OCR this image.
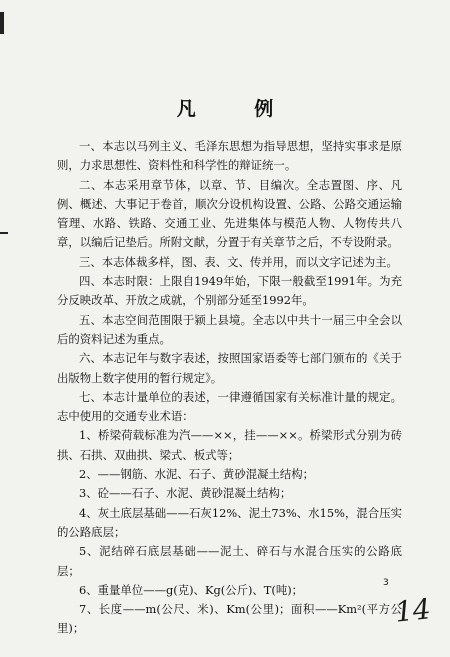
凡 例

一、本志以马列主义、毛泽东思想为指导思想，坚持实事求是原则，力求思想性、资料性和科学性的辩证统一。

二、本志采用章节体，以章、节、目编次。全志置图、序、凡例、概述、大事记于卷首，顺次分设机构设置、公路、公路交通运输管理、水路、铁路、交通工业、先进集体与模范人物、人物传共八章，以编后记垫后。所附文献，分置于有关章节之后，不专设附录。

三、本志体裁多样，图、表、文、传并用，而以文字记述为主。

四、本志时限：上限自1949年始，下限一般截至1991年。为充分反映改革、开放之成就，个别部分延至1992年。

五、本志空间范围限于颍上县境。全志以中共十一届三中全会以后的资料记述为重点。

六、本志记年与数字表述，按照国家语委等七部门颁布的《关于出版物上数字使用的暂行规定》。

七、本志计量单位的表述，一律遵循国家有关标准计量的规定。志中使用的交通专业术语：

1、桥梁荷载标准为汽——××，挂——××。桥梁形式分别为砖拱、石拱、双曲拱、梁式、板式等；

2、——钢筋、水泥、石子、黄砂混凝土结构；

3、砼——石子、水泥、黄砂混凝土结构；

4、灰土底层基础——石灰12%、泥土73%、水15%，混合压实的公路底层；

5、泥结碎石底层基础——泥土、碎石与水混合压实的公路底层；

6、重量单位——g(克)、Kg(公斤)、T(吨)；

7、长度——m(公尺、米)、Km(公里)；面积——Km²(平方公里)；

3
14
